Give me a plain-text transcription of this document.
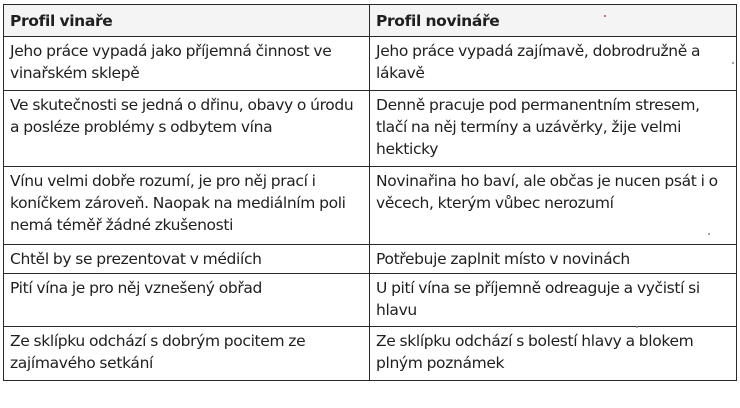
Profil vinaře	Profil novináře
Jeho práce vypadá jako příjemná činnost ve vinařském sklepě	Jeho práce vypadá zajímavě, dobrodružně a lákavě
Ve skutečnosti se jedná o dřinu, obavy o úrodu a posléze problémy s odbytem vína	Denně pracuje pod permanentním stresem, tlačí na něj termíny a uzávěrky, žije velmi hekticky
Vínu velmi dobře rozumí, je pro něj prací i koníčkem zároveň. Naopak na mediálním poli nemá téměř žádné zkušenosti	Novinařina ho baví, ale občas je nucen psát i o věcech, kterým vůbec nerozumí
Chtěl by se prezentovat v médiích	Potřebuje zaplnit místo v novinách
Pití vína je pro něj vznešený obřad	U pití vína se příjemně odreaguje a vyčistí si hlavu
Ze sklípku odchází s dobrým pocitem ze zajímavého setkání	Ze sklípku odchází s bolestí hlavy a blokem plným poznámek
